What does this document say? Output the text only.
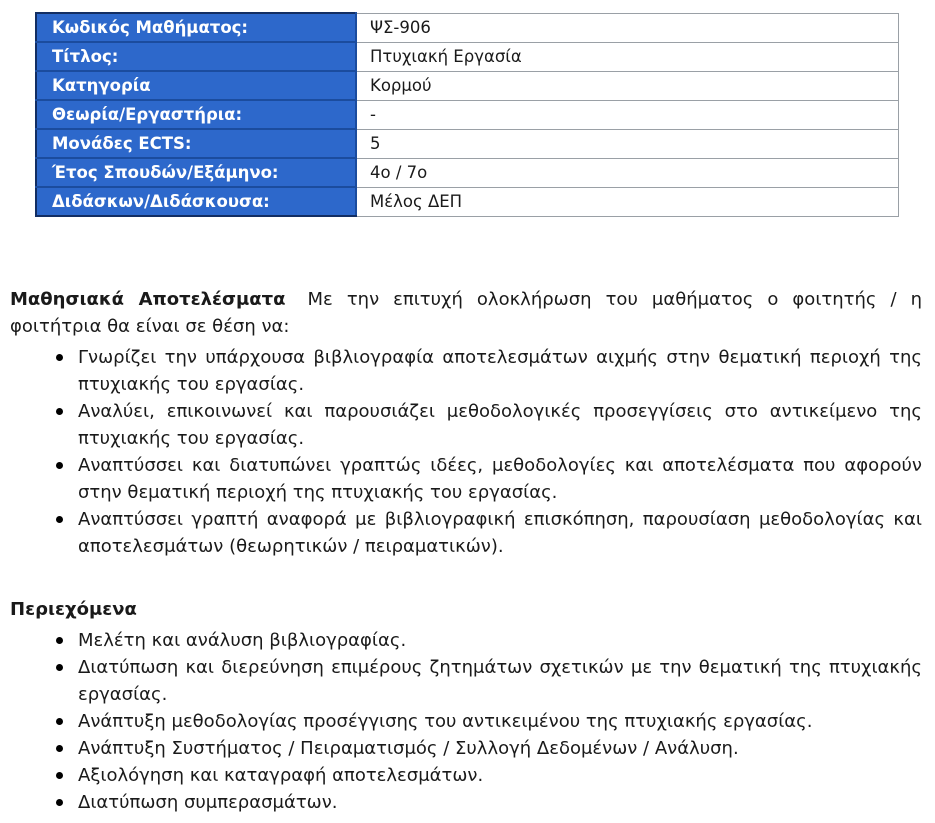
Κωδικός Μαθήματος:	ΨΣ-906
Τίτλος:	Πτυχιακή Εργασία
Κατηγορία	Κορμού
Θεωρία/Εργαστήρια:	-
Μονάδες ECTS:	5
Έτος Σπουδών/Εξάμηνο:	4ο / 7ο
Διδάσκων/Διδάσκουσα:	Μέλος ΔΕΠ

Μαθησιακά Αποτελέσματα Με την επιτυχή ολοκλήρωση του μαθήματος ο φοιτητής / η φοιτήτρια θα είναι σε θέση να:

Γνωρίζει την υπάρχουσα βιβλιογραφία αποτελεσμάτων αιχμής στην θεματική περιοχή της πτυχιακής του εργασίας.
Αναλύει, επικοινωνεί και παρουσιάζει μεθοδολογικές προσεγγίσεις στο αντικείμενο της πτυχιακής του εργασίας.
Αναπτύσσει και διατυπώνει γραπτώς ιδέες, μεθοδολογίες και αποτελέσματα που αφορούν στην θεματική περιοχή της πτυχιακής του εργασίας.
Αναπτύσσει γραπτή αναφορά με βιβλιογραφική επισκόπηση, παρουσίαση μεθοδολογίας και αποτελεσμάτων (θεωρητικών / πειραματικών).
Περιεχόμενα
Μελέτη και ανάλυση βιβλιογραφίας.
Διατύπωση και διερεύνηση επιμέρους ζητημάτων σχετικών με την θεματική της πτυχιακής εργασίας.
Ανάπτυξη μεθοδολογίας προσέγγισης του αντικειμένου της πτυχιακής εργασίας.
Ανάπτυξη Συστήματος / Πειραματισμός / Συλλογή Δεδομένων / Ανάλυση.
Αξιολόγηση και καταγραφή αποτελεσμάτων.
Διατύπωση συμπερασμάτων.
